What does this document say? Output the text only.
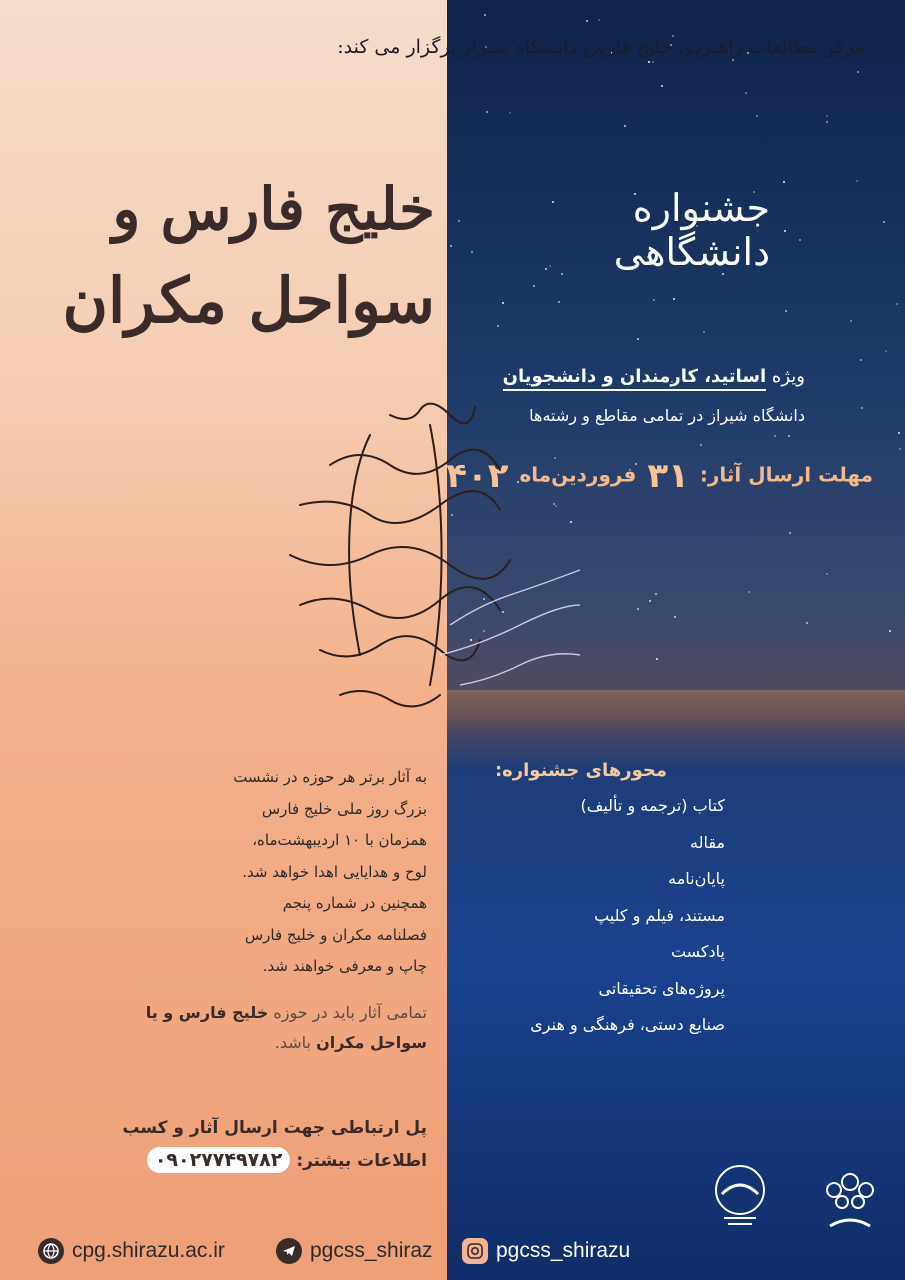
مرکز مطالعات راهبردی خلیج فارس دانشگاه شیراز برگزار می کند:
جشنواره دانشگاهی
خلیج فارس و
سواحل مکران
ویژه اساتید، کارمندان و دانشجویان
دانشگاه شیراز در تمامی مقاطع و رشته‌ها
مهلت ارسال آثار: ۳۱ فروردین‌ماه ۱۴۰۲
محورهای جشنواره:
کتاب (ترجمه و تألیف)
مقاله
پایان‌نامه
مستند، فیلم و کلیپ
پادکست
پروژه‌های تحقیقاتی
صنایع دستی، فرهنگی و هنری
به آثار برتر هر حوزه در نشست
بزرگ روز ملی خلیج فارس
همزمان با ۱۰ اردیبهشت‌ماه،
لوح و هدایایی اهدا خواهد شد.
همچنین در شماره پنجم
فصلنامه مکران و خلیج فارس
چاپ و معرفی خواهند شد.
تمامی آثار باید در حوزه خلیج فارس و یا
سواحل مکران باشد.
پل ارتباطی جهت ارسال آثار و کسب
اطلاعات بیشتر: ۰۹۰۲۷۷۴۹۷۸۲
cpg.shirazu.ac.ir	pgcss_shiraz	pgcss_shirazu
